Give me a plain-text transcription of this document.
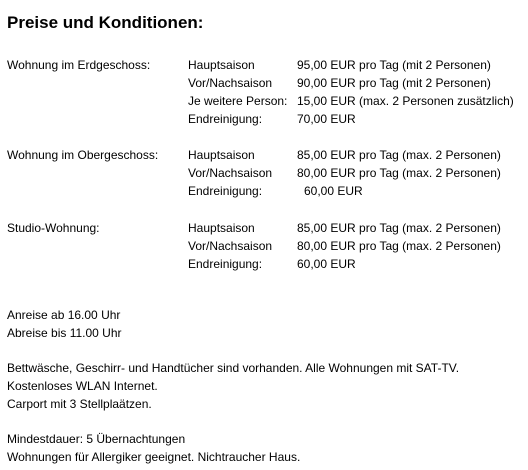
Preise und Konditionen:
Wohnung im Erdgeschoss:	Hauptsaison	95,00 EUR pro Tag (mit 2 Personen)
Vor/Nachsaison 90,00 EUR pro Tag (mit 2 Personen)
Je weitere Person: 15,00 EUR (max. 2 Personen zusätzlich)
Endreinigung:	70,00 EUR
Wohnung im Obergeschoss: Hauptsaison	85,00 EUR pro Tag (max. 2 Personen)
Vor/Nachsaison 80,00 EUR pro Tag (max. 2 Personen)
Endreinigung:	60,00 EUR
Studio-Wohnung:	Hauptsaison	85,00 EUR pro Tag (max. 2 Personen)
Vor/Nachsaison 80,00 EUR pro Tag (max. 2 Personen)
Endreinigung:	60,00 EUR
Anreise ab 16.00 Uhr
Abreise bis 11.00 Uhr
Bettwäsche, Geschirr- und Handtücher sind vorhanden. Alle Wohnungen mit SAT-TV.
Kostenloses WLAN Internet.
Carport mit 3 Stellplaätzen.
Mindestdauer: 5 Übernachtungen
Wohnungen für Allergiker geeignet. Nichtraucher Haus.
